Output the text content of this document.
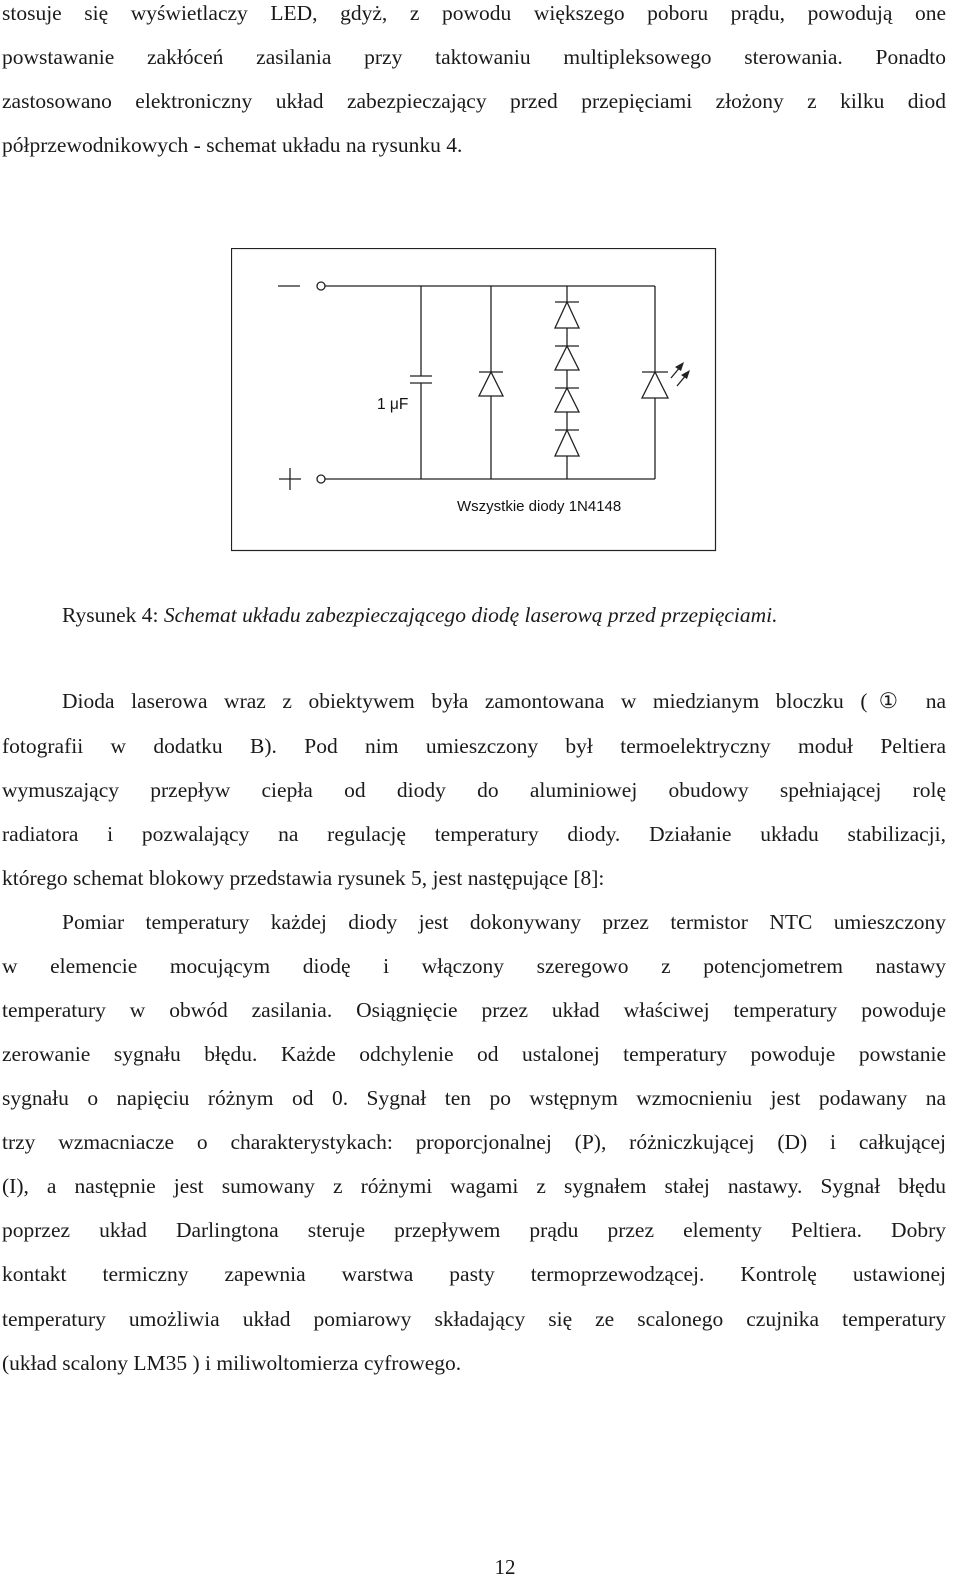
stosuje się wyświetlaczy LED, gdyż, z powodu większego poboru prądu, powodują one
powstawanie zakłóceń zasilania przy taktowaniu multipleksowego sterowania. Ponadto
zastosowano elektroniczny układ zabezpieczający przed przepięciami złożony z kilku diod
półprzewodnikowych - schemat układu na rysunku 4.
1 μF
Wszystkie diody 1N4148
Rysunek 4: Schemat układu zabezpieczającego diodę laserową przed przepięciami.
Dioda laserowa wraz z obiektywem była zamontowana w miedzianym bloczku (① na
fotografii w dodatku B). Pod nim umieszczony był termoelektryczny moduł Peltiera
wymuszający przepływ ciepła od diody do aluminiowej obudowy spełniającej rolę
radiatora i pozwalający na regulację temperatury diody. Działanie układu stabilizacji,
którego schemat blokowy przedstawia rysunek 5, jest następujące [8]:
Pomiar temperatury każdej diody jest dokonywany przez termistor NTC umieszczony
w elemencie mocującym diodę i włączony szeregowo z potencjometrem nastawy
temperatury w obwód zasilania. Osiągnięcie przez układ właściwej temperatury powoduje
zerowanie sygnału błędu. Każde odchylenie od ustalonej temperatury powoduje powstanie
sygnału o napięciu różnym od 0. Sygnał ten po wstępnym wzmocnieniu jest podawany na
trzy wzmacniacze o charakterystykach: proporcjonalnej (P), różniczkującej (D) i całkującej
(I), a następnie jest sumowany z różnymi wagami z sygnałem stałej nastawy. Sygnał błędu
poprzez układ Darlingtona steruje przepływem prądu przez elementy Peltiera. Dobry
kontakt termiczny zapewnia warstwa pasty termoprzewodzącej. Kontrolę ustawionej
temperatury umożliwia układ pomiarowy składający się ze scalonego czujnika temperatury
(układ scalony LM35 ) i miliwoltomierza cyfrowego.
12
